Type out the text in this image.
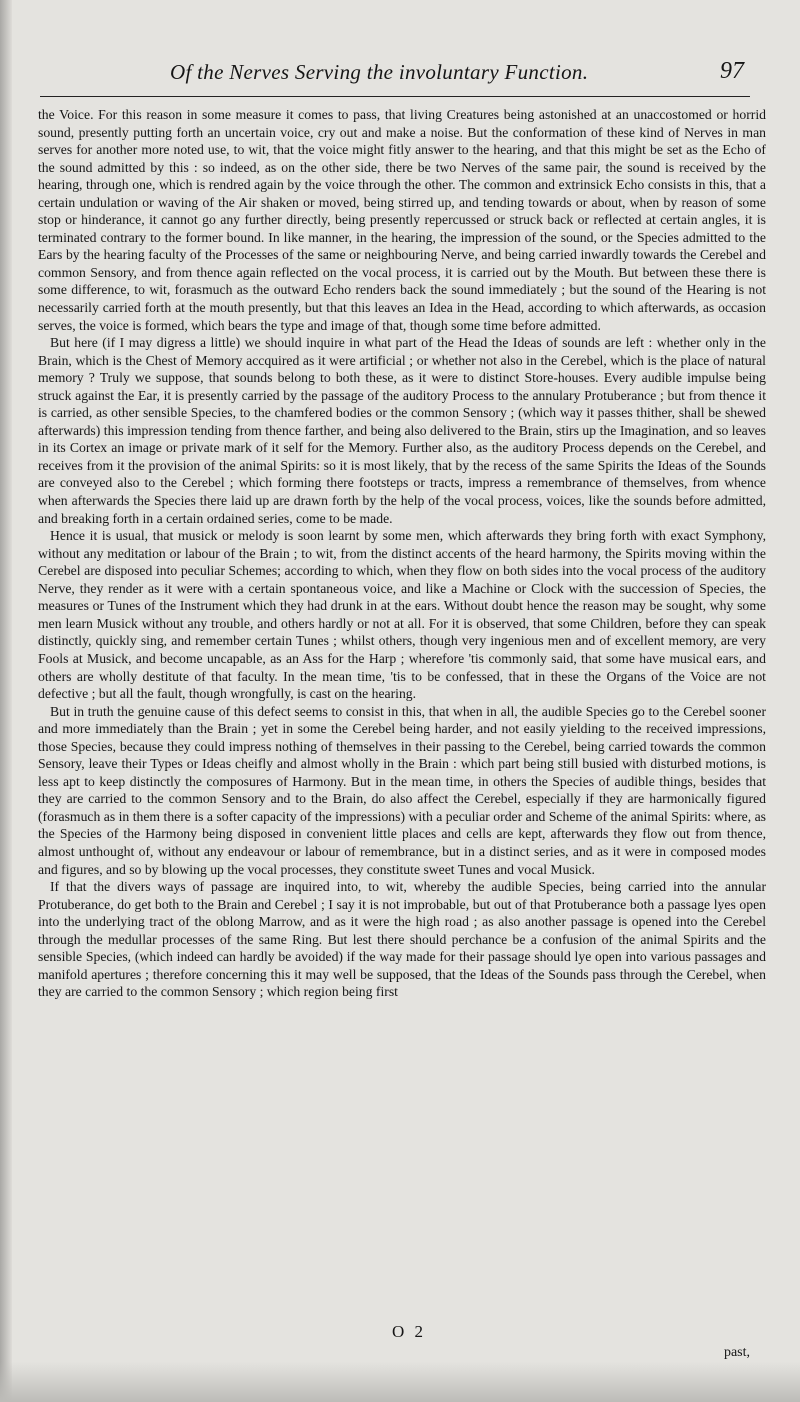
Of the Nerves Serving the involuntary Function.	97

the Voice. For this reason in some measure it comes to pass, that living Creatures being astonished at an unaccostomed or horrid sound, presently putting forth an uncertain voice, cry out and make a noise. But the conformation of these kind of Nerves in man serves for another more noted use, to wit, that the voice might fitly answer to the hearing, and that this might be set as the Echo of the sound admitted by this : so indeed, as on the other side, there be two Nerves of the same pair, the sound is received by the hearing, through one, which is rendred again by the voice through the other. The common and extrinsick Echo consists in this, that a certain undulation or waving of the Air shaken or moved, being stirred up, and tending towards or about, when by reason of some stop or hinderance, it cannot go any further directly, being presently repercussed or struck back or reflected at certain angles, it is terminated contrary to the former bound. In like manner, in the hearing, the impression of the sound, or the Species admitted to the Ears by the hearing faculty of the Processes of the same or neighbouring Nerve, and being carried inwardly towards the Cerebel and common Sensory, and from thence again reflected on the vocal process, it is carried out by the Mouth. But between these there is some difference, to wit, forasmuch as the outward Echo renders back the sound immediately ; but the sound of the Hearing is not necessarily carried forth at the mouth presently, but that this leaves an Idea in the Head, according to which afterwards, as occasion serves, the voice is formed, which bears the type and image of that, though some time before admitted.

But here (if I may digress a little) we should inquire in what part of the Head the Ideas of sounds are left : whether only in the Brain, which is the Chest of Memory accquired as it were artificial ; or whether not also in the Cerebel, which is the place of natural memory ? Truly we suppose, that sounds belong to both these, as it were to distinct Store-houses. Every audible impulse being struck against the Ear, it is presently carried by the passage of the auditory Process to the annulary Protuberance ; but from thence it is carried, as other sensible Species, to the chamfered bodies or the common Sensory ; (which way it passes thither, shall be shewed afterwards) this impression tending from thence farther, and being also delivered to the Brain, stirs up the Imagination, and so leaves in its Cortex an image or private mark of it self for the Memory. Further also, as the auditory Process depends on the Cerebel, and receives from it the provision of the animal Spirits: so it is most likely, that by the recess of the same Spirits the Ideas of the Sounds are conveyed also to the Cerebel ; which forming there footsteps or tracts, impress a remembrance of themselves, from whence when afterwards the Species there laid up are drawn forth by the help of the vocal process, voices, like the sounds before admitted, and breaking forth in a certain ordained series, come to be made.

Hence it is usual, that musick or melody is soon learnt by some men, which afterwards they bring forth with exact Symphony, without any meditation or labour of the Brain ; to wit, from the distinct accents of the heard harmony, the Spirits moving within the Cerebel are disposed into peculiar Schemes; according to which, when they flow on both sides into the vocal process of the auditory Nerve, they render as it were with a certain spontaneous voice, and like a Machine or Clock with the succession of Species, the measures or Tunes of the Instrument which they had drunk in at the ears. Without doubt hence the reason may be sought, why some men learn Musick without any trouble, and others hardly or not at all. For it is observed, that some Children, before they can speak distinctly, quickly sing, and remember certain Tunes ; whilst others, though very ingenious men and of excellent memory, are very Fools at Musick, and become uncapable, as an Ass for the Harp ; wherefore 'tis commonly said, that some have musical ears, and others are wholly destitute of that faculty. In the mean time, 'tis to be confessed, that in these the Organs of the Voice are not defective ; but all the fault, though wrongfully, is cast on the hearing.

But in truth the genuine cause of this defect seems to consist in this, that when in all, the audible Species go to the Cerebel sooner and more immediately than the Brain ; yet in some the Cerebel being harder, and not easily yielding to the received impressions, those Species, because they could impress nothing of themselves in their passing to the Cerebel, being carried towards the common Sensory, leave their Types or Ideas cheifly and almost wholly in the Brain : which part being still busied with disturbed motions, is less apt to keep distinctly the composures of Harmony. But in the mean time, in others the Species of audible things, besides that they are carried to the common Sensory and to the Brain, do also affect the Cerebel, especially if they are harmonically figured (forasmuch as in them there is a softer capacity of the impressions) with a peculiar order and Scheme of the animal Spirits: where, as the Species of the Harmony being disposed in convenient little places and cells are kept, afterwards they flow out from thence, almost unthought of, without any endeavour or labour of remembrance, but in a distinct series, and as it were in composed modes and figures, and so by blowing up the vocal processes, they constitute sweet Tunes and vocal Musick.

If that the divers ways of passage are inquired into, to wit, whereby the audible Species, being carried into the annular Protuberance, do get both to the Brain and Cerebel ; I say it is not improbable, but out of that Protuberance both a passage lyes open into the underlying tract of the oblong Marrow, and as it were the high road ; as also another passage is opened into the Cerebel through the medullar processes of the same Ring. But lest there should perchance be a confusion of the animal Spirits and the sensible Species, (which indeed can hardly be avoided) if the way made for their passage should lye open into various passages and manifold apertures ; therefore concerning this it may well be supposed, that the Ideas of the Sounds pass through the Cerebel, when they are carried to the common Sensory ; which region being first

O 2
past,
